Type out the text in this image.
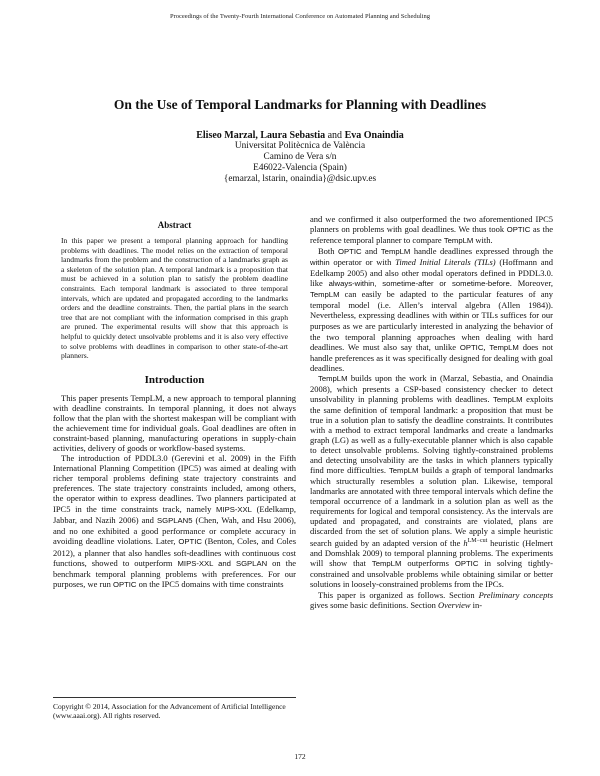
Proceedings of the Twenty-Fourth International Conference on Automated Planning and Scheduling
On the Use of Temporal Landmarks for Planning with Deadlines
Eliseo Marzal, Laura Sebastia and Eva Onaindia
Universitat Politècnica de València
Camino de Vera s/n
E46022-Valencia (Spain)
{emarzal, lstarin, onaindia}@dsic.upv.es
Abstract
In this paper we present a temporal planning approach for handling problems with deadlines. The model relies on the extraction of temporal landmarks from the problem and the construction of a landmarks graph as a skeleton of the solution plan. A temporal landmark is a proposition that must be achieved in a solution plan to satisfy the problem deadline constraints. Each temporal landmark is associated to three temporal intervals, which are updated and propagated according to the landmarks orders and the deadline constraints. Then, the partial plans in the search tree that are not compliant with the information comprised in this graph are pruned. The experimental results will show that this approach is helpful to quickly detect unsolvable problems and it is also very effective to solve problems with deadlines in comparison to other state-of-the-art planners.
Introduction

This paper presents TempLM, a new approach to temporal planning with deadline constraints. In temporal planning, it does not always follow that the plan with the shortest makespan will be compliant with the achievement time for individual goals. Goal deadlines are often in constraint-based planning, manufacturing operations in supply-chain activities, delivery of goods or workflow-based systems.

The introduction of PDDL3.0 (Gerevini et al. 2009) in the Fifth International Planning Competition (IPC5) was aimed at dealing with richer temporal problems defining state trajectory constraints and preferences. The state trajectory constraints included, among others, the operator within to express deadlines. Two planners participated at IPC5 in the time constraints track, namely MIPS-XXL (Edelkamp, Jabbar, and Nazih 2006) and SGPLAN5 (Chen, Wah, and Hsu 2006), and no one exhibited a good performance or complete accuracy in avoiding deadline violations. Later, OPTIC (Benton, Coles, and Coles 2012), a planner that also handles soft-deadlines with continuous cost functions, showed to outperform MIPS-XXL and SGPLAN on the benchmark temporal planning problems with preferences. For our purposes, we run OPTIC on the IPC5 domains with time constraints

Copyright © 2014, Association for the Advancement of Artificial Intelligence (www.aaai.org). All rights reserved.

and we confirmed it also outperformed the two aforementioned IPC5 planners on problems with goal deadlines. We thus took OPTIC as the reference temporal planner to compare TempLM with.

Both OPTIC and TempLM handle deadlines expressed through the within operator or with Timed Initial Literals (TILs) (Hoffmann and Edelkamp 2005) and also other modal operators defined in PDDL3.0. like always-within, sometime-after or sometime-before. Moreover, TempLM can easily be adapted to the particular features of any temporal model (i.e. Allen’s interval algebra (Allen 1984)). Nevertheless, expressing deadlines with within or TILs suffices for our purposes as we are particularly interested in analyzing the behavior of the two temporal planning approaches when dealing with hard deadlines. We must also say that, unlike OPTIC, TempLM does not handle preferences as it was specifically designed for dealing with goal deadlines.

TempLM builds upon the work in (Marzal, Sebastia, and Onaindia 2008), which presents a CSP-based consistency checker to detect unsolvability in planning problems with deadlines. TempLM exploits the same definition of temporal landmark: a proposition that must be true in a solution plan to satisfy the deadline constraints. It contributes with a method to extract temporal landmarks and create a landmarks graph (LG) as well as a fully-executable planner which is also capable to detect unsolvable problems. Solving tightly-constrained problems and detecting unsolvability are the tasks in which planners typically find more difficulties. TempLM builds a graph of temporal landmarks which structurally resembles a solution plan. Likewise, temporal landmarks are annotated with three temporal intervals which define the temporal occurrence of a landmark in a solution plan as well as the requirements for logical and temporal consistency. As the intervals are updated and propagated, and constraints are violated, plans are discarded from the set of solution plans. We apply a simple heuristic search guided by an adapted version of the $h^{LM-cut}$ heuristic (Helmert and Domshlak 2009) to temporal planning problems. The experiments will show that TempLM outperforms OPTIC in solving tightly-constrained and unsolvable problems while obtaining similar or better solutions in loosely-constrained problems from the IPCs.

This paper is organized as follows. Section Preliminary concepts gives some basic definitions. Section Overview in-

172
